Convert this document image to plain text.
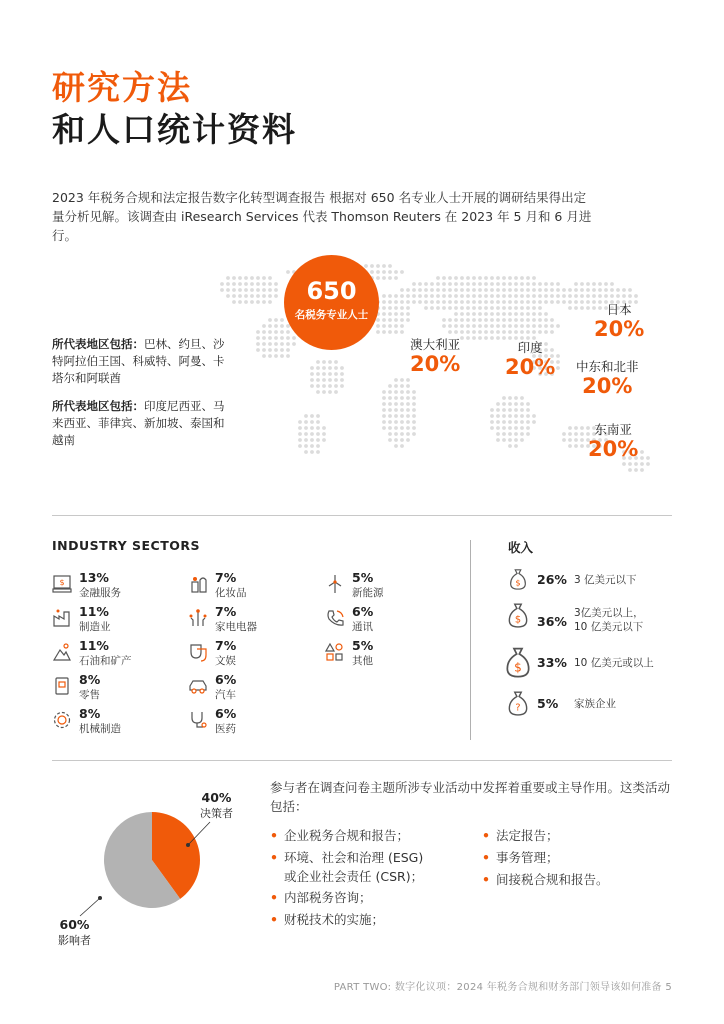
研究方法
和人口统计资料
2023 年税务合规和法定报告数字化转型调查报告 根据对 650 名专业人士开展的调研结果得出定量分析见解。该调查由 iResearch Services 代表 Thomson Reuters 在 2023 年 5 月和 6 月进行。
650
名税务专业人士
澳大利亚
20%
印度
20%
日本
20%
中东和北非
20%
东南亚
20%
所代表地区包括：巴林、约旦、沙特阿拉伯王国、科威特、阿曼、卡塔尔和阿联酋
所代表地区包括：印度尼西亚、马来西亚、菲律宾、新加坡、泰国和越南
INDUSTRY SECTORS
$ 13%
金融服务
11%
制造业
11%
石油和矿产
8%
零售
8%
机械制造
7%
化妆品
7%
家电电器
7%
文娱
6%
汽车
6%
医药
5%
新能源
6%
通讯
5%
其他
收入
$ 26% 3 亿美元以下
$ 36%
3亿美元以上，
10 亿美元以下
$ 33% 10 亿美元或以上
? 5% 家族企业
40%
决策者
60%
影响者
参与者在调查问卷主题所涉专业活动中发挥着重要或主导作用。这类活动包括：
• 企业税务合规和报告；
• 环境、社会和治理 (ESG)
或企业社会责任 (CSR)；
• 内部税务咨询；
• 财税技术的实施；
• 法定报告；
• 事务管理；
• 间接税合规和报告。
PART TWO: 数字化议项：2024 年税务合规和财务部门领导该如何准备 5
